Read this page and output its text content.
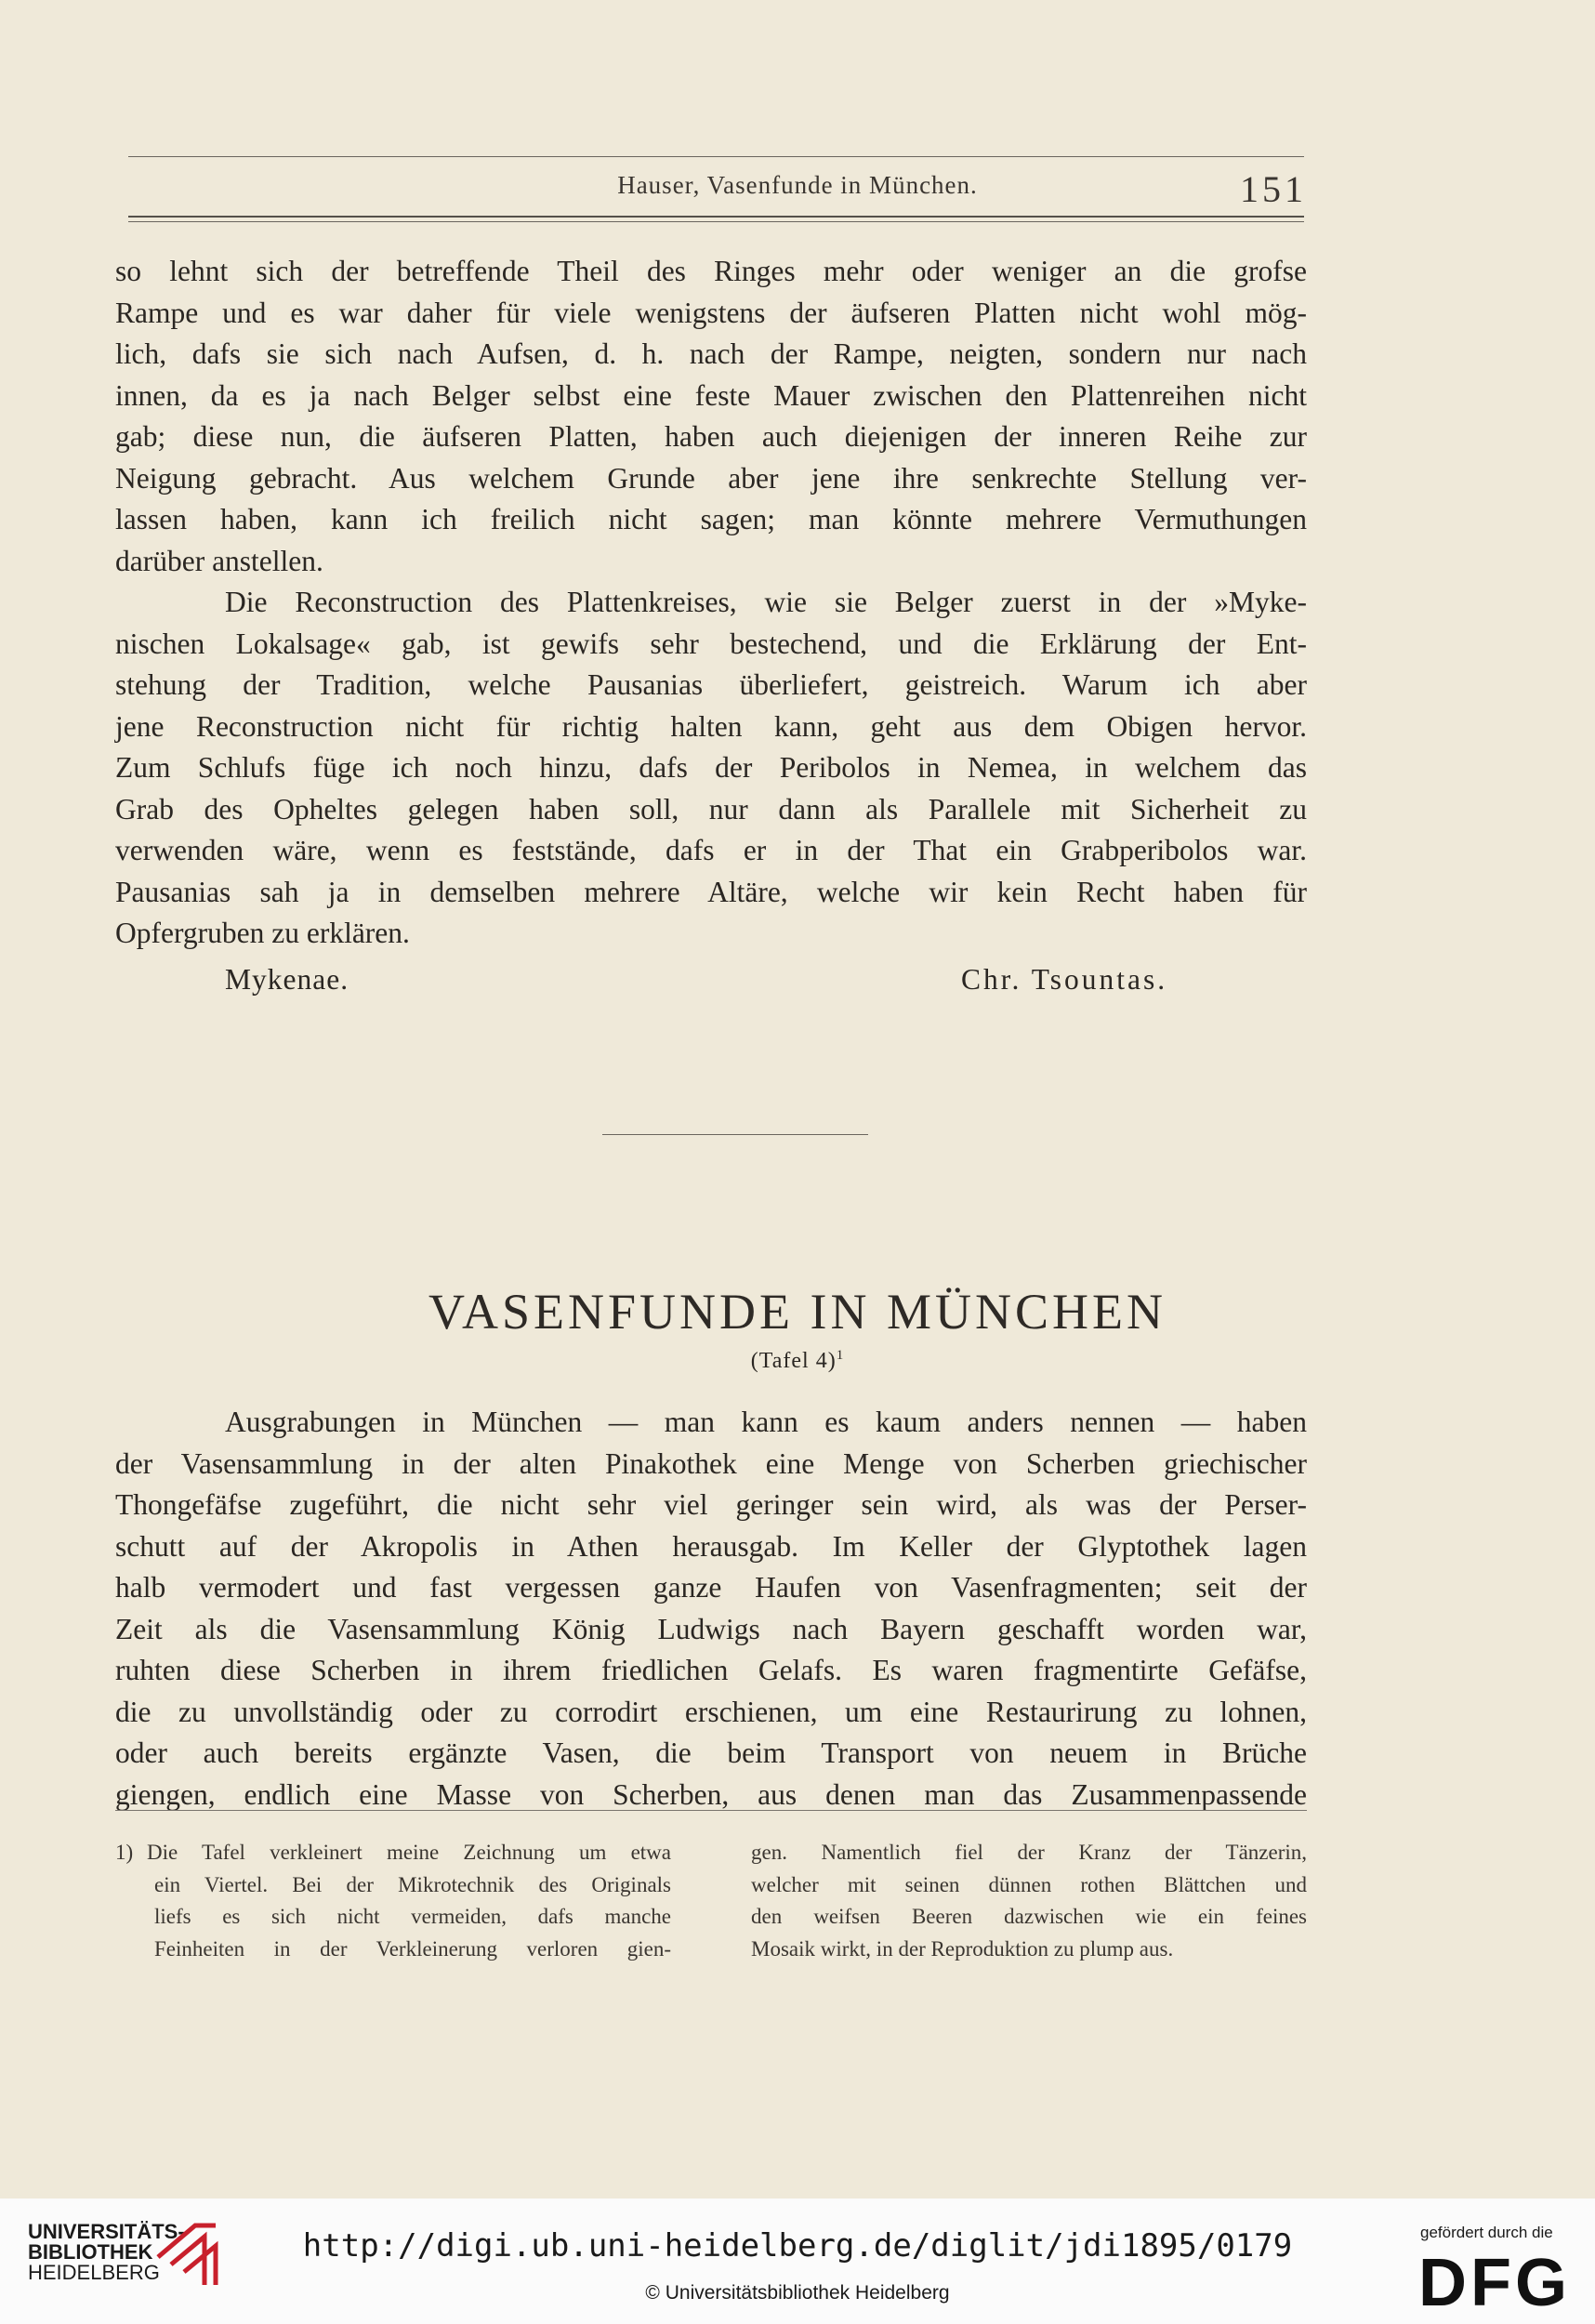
Hauser, Vasenfunde in München.	151
so lehnt sich der betreffende Theil des Ringes mehr oder weniger an die grofse
Rampe und es war daher für viele wenigstens der äufseren Platten nicht wohl mög-
lich, dafs sie sich nach Aufsen, d. h. nach der Rampe, neigten, sondern nur nach
innen, da es ja nach Belger selbst eine feste Mauer zwischen den Plattenreihen nicht
gab; diese nun, die äufseren Platten, haben auch diejenigen der inneren Reihe zur
Neigung gebracht. Aus welchem Grunde aber jene ihre senkrechte Stellung ver-
lassen haben, kann ich freilich nicht sagen; man könnte mehrere Vermuthungen
darüber anstellen.
Die Reconstruction des Plattenkreises, wie sie Belger zuerst in der »Myke-
nischen Lokalsage« gab, ist gewifs sehr bestechend, und die Erklärung der Ent-
stehung der Tradition, welche Pausanias überliefert, geistreich. Warum ich aber
jene Reconstruction nicht für richtig halten kann, geht aus dem Obigen hervor.
Zum Schlufs füge ich noch hinzu, dafs der Peribolos in Nemea, in welchem das
Grab des Opheltes gelegen haben soll, nur dann als Parallele mit Sicherheit zu
verwenden wäre, wenn es feststände, dafs er in der That ein Grabperibolos war.
Pausanias sah ja in demselben mehrere Altäre, welche wir kein Recht haben für
Opfergruben zu erklären.
Mykenae.	Chr. Tsountas.
VASENFUNDE IN MÜNCHEN
(Tafel 4)$^1$
Ausgrabungen in München — man kann es kaum anders nennen — haben
der Vasensammlung in der alten Pinakothek eine Menge von Scherben griechischer
Thongefäfse zugeführt, die nicht sehr viel geringer sein wird, als was der Perser-
schutt auf der Akropolis in Athen herausgab. Im Keller der Glyptothek lagen
halb vermodert und fast vergessen ganze Haufen von Vasenfragmenten; seit der
Zeit als die Vasensammlung König Ludwigs nach Bayern geschafft worden war,
ruhten diese Scherben in ihrem friedlichen Gelafs. Es waren fragmentirte Gefäfse,
die zu unvollständig oder zu corrodirt erschienen, um eine Restaurirung zu lohnen,
oder auch bereits ergänzte Vasen, die beim Transport von neuem in Brüche
giengen, endlich eine Masse von Scherben, aus denen man das Zusammenpassende
1) Die Tafel verkleinert meine Zeichnung um etwa
ein Viertel. Bei der Mikrotechnik des Originals
liefs es sich nicht vermeiden, dafs manche
Feinheiten in der Verkleinerung verloren gien-
gen. Namentlich fiel der Kranz der Tänzerin,
welcher mit seinen dünnen rothen Blättchen und
den weifsen Beeren dazwischen wie ein feines
Mosaik wirkt, in der Reproduktion zu plump aus.
UNIVERSITÄTS-
BIBLIOTHEK
HEIDELBERG
http://digi.ub.uni-heidelberg.de/diglit/jdi1895/0179
© Universitätsbibliothek Heidelberg
gefördert durch die
DFG
